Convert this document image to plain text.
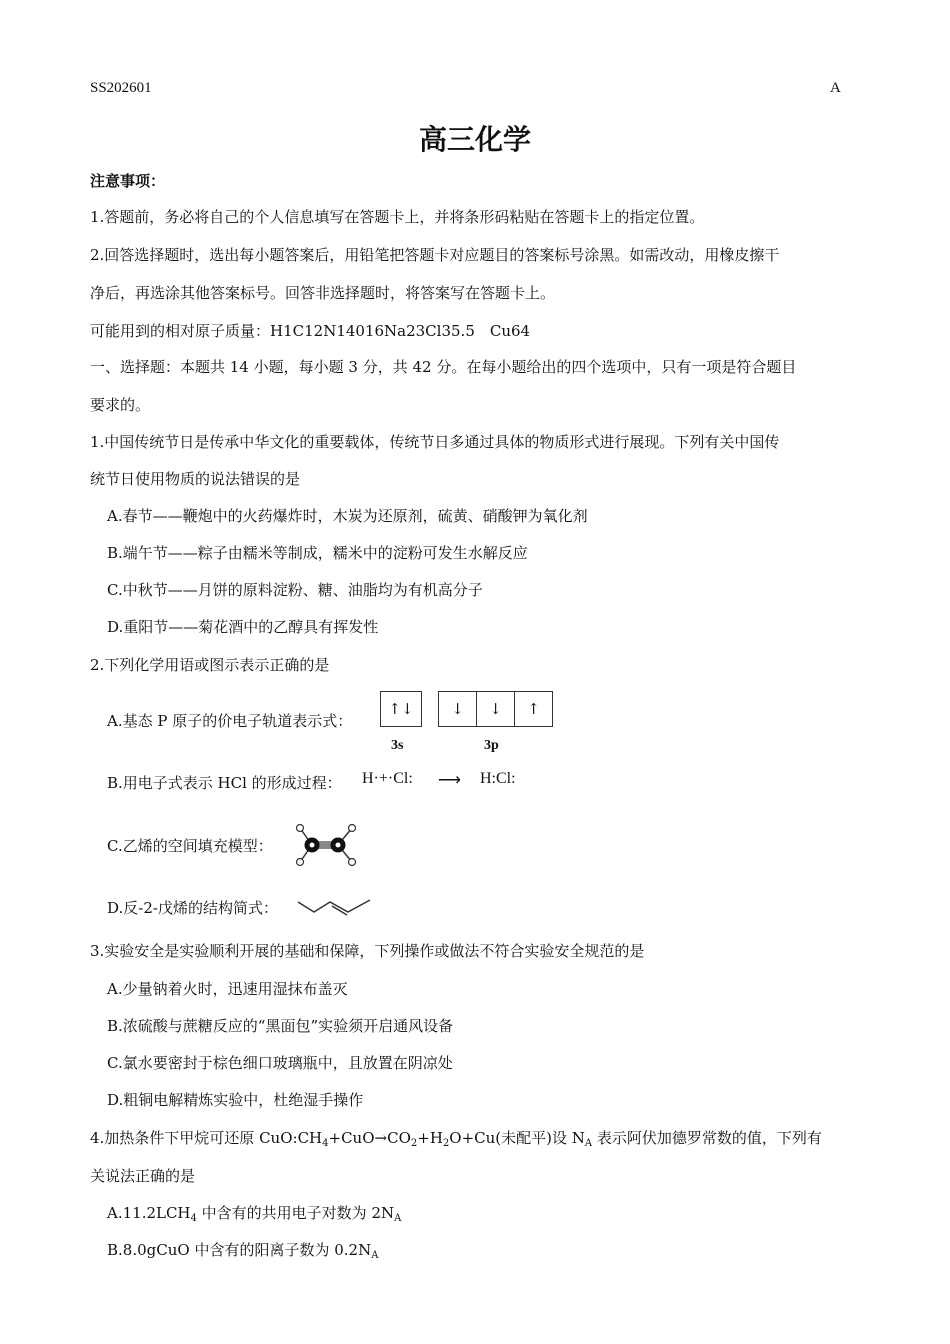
SS202601	A
高三化学
注意事项：
1.答题前，务必将自己的个人信息填写在答题卡上，并将条形码粘贴在答题卡上的指定位置。
2.回答选择题时，选出每小题答案后，用铅笔把答题卡对应题目的答案标号涂黑。如需改动，用橡皮擦干
净后，再选涂其他答案标号。回答非选择题时，将答案写在答题卡上。
可能用到的相对原子质量：H1C12N14016Na23Cl35.5　Cu64
一、选择题：本题共 14 小题，每小题 3 分，共 42 分。在每小题给出的四个选项中，只有一项是符合题目
要求的。
1.中国传统节日是传承中华文化的重要载体，传统节日多通过具体的物质形式进行展现。下列有关中国传
统节日使用物质的说法错误的是
A.春节——鞭炮中的火药爆炸时，木炭为还原剂，硫黄、硝酸钾为氧化剂
B.端午节——粽子由糯米等制成，糯米中的淀粉可发生水解反应
C.中秋节——月饼的原料淀粉、糖、油脂均为有机高分子
D.重阳节——菊花酒中的乙醇具有挥发性
2.下列化学用语或图示表示正确的是
A.基态 P 原子的价电子轨道表示式：
↑↓	↓	↓	↑
3s	3p
B.用电子式表示 HCl 的形成过程： H·+·Cl: ⟶ H:Cl:
C.乙烯的空间填充模型：
D.反-2-戊烯的结构简式：
3.实验安全是实验顺利开展的基础和保障，下列操作或做法不符合实验安全规范的是
A.少量钠着火时，迅速用湿抹布盖灭
B.浓硫酸与蔗糖反应的“黑面包”实验须开启通风设备
C.氯水要密封于棕色细口玻璃瓶中，且放置在阴凉处
D.粗铜电解精炼实验中，杜绝湿手操作
4.加热条件下甲烷可还原 $CuO:CH_4+CuO\to CO_2+H_2O+Cu$(未配平)设 $N_A$ 表示阿伏加德罗常数的值，下列有
关说法正确的是
$A.11.2LCH_4$ 中含有的共用电子对数为 $2N_A$
B.8.0gCuO 中含有的阳离子数为 $0.2N_A$
